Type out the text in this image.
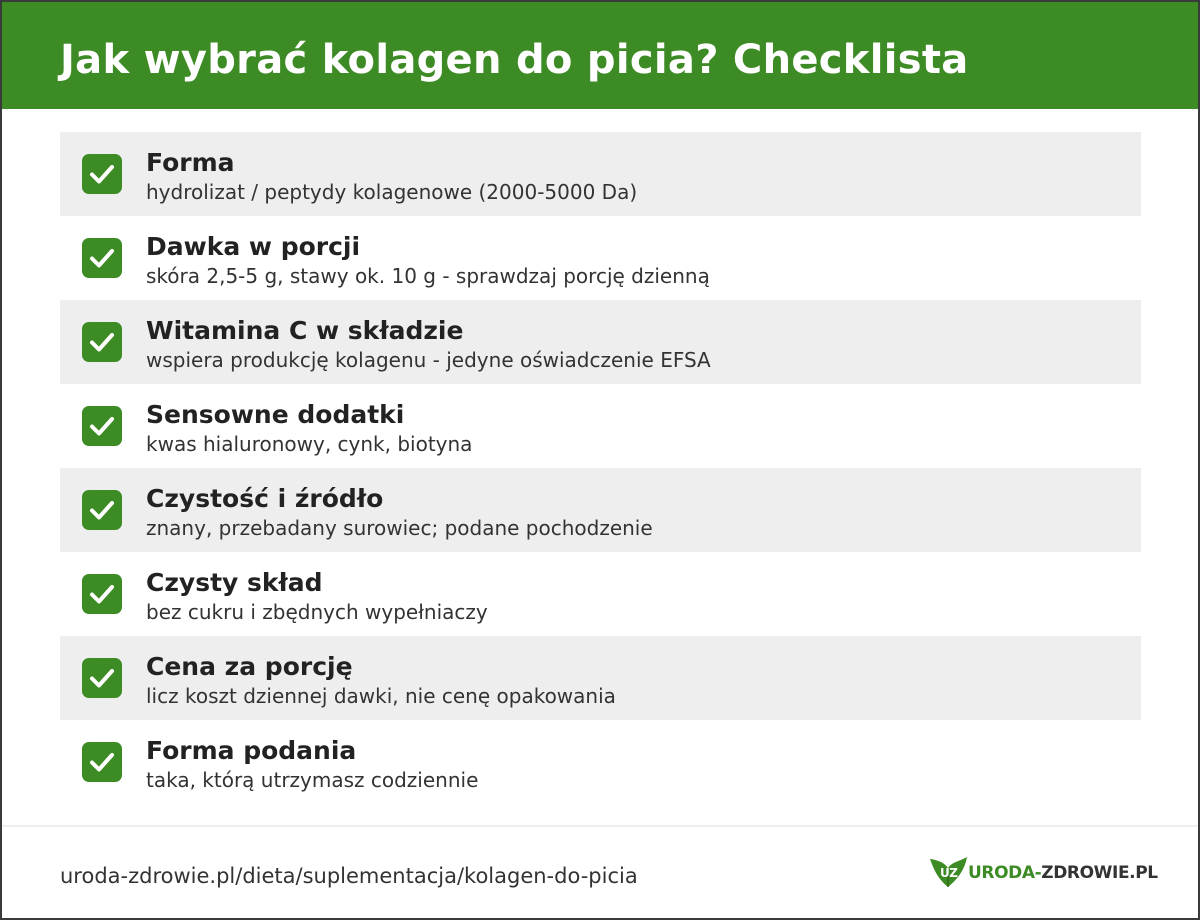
Jak wybrać kolagen do picia? Checklista
Forma
hydrolizat / peptydy kolagenowe (2000-5000 Da)
Dawka w porcji
skóra 2,5-5 g, stawy ok. 10 g - sprawdzaj porcję dzienną
Witamina C w składzie
wspiera produkcję kolagenu - jedyne oświadczenie EFSA
Sensowne dodatki
kwas hialuronowy, cynk, biotyna
Czystość i źródło
znany, przebadany surowiec; podane pochodzenie
Czysty skład
bez cukru i zbędnych wypełniaczy
Cena za porcję
licz koszt dziennej dawki, nie cenę opakowania
Forma podania
taka, którą utrzymasz codziennie
uroda-zdrowie.pl/dieta/suplementacja/kolagen-do-picia	UZ URODA-ZDROWIE.PL
